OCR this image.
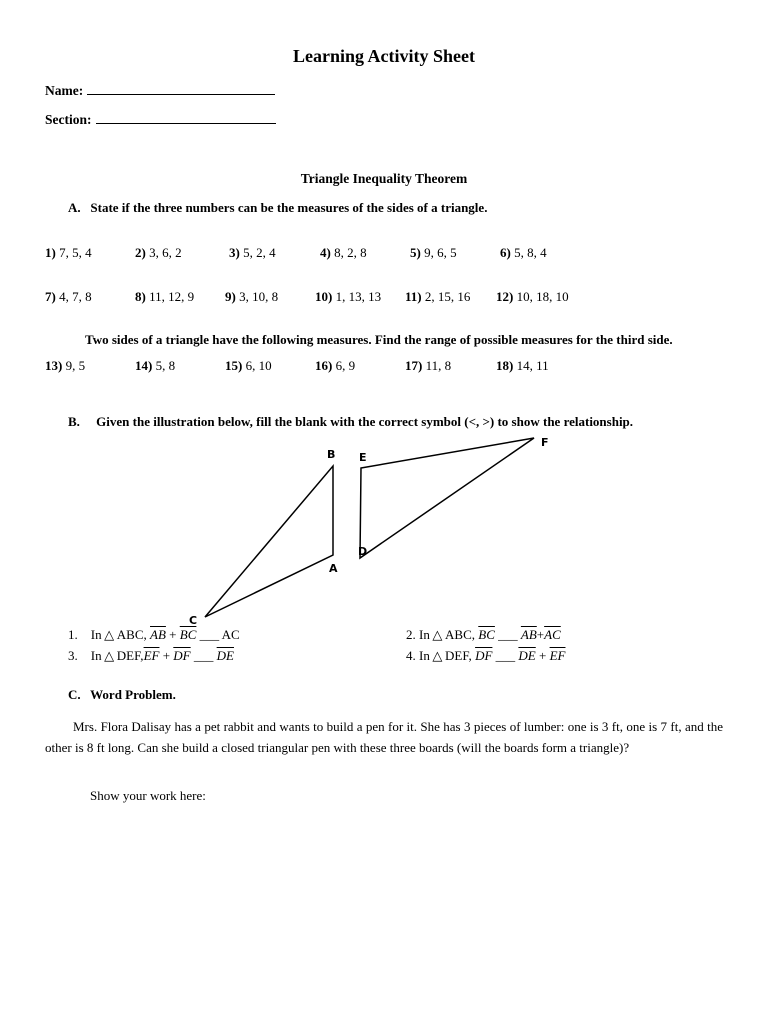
Learning Activity Sheet
Name:
Section:
Triangle Inequality Theorem
A.  State if the three numbers can be the measures of the sides of a triangle.
1) 7, 5, 4	2) 3, 6, 2	3) 5, 2, 4	4) 8, 2, 8	5) 9, 6, 5	6) 5, 8, 4
7) 4, 7, 8	8) 11, 12, 9 9) 3, 10, 8	10) 1, 13, 13 11) 2, 15, 16 12) 10, 18, 10
Two sides of a triangle have the following measures. Find the range of possible measures for the third side.
13) 9, 5	14) 5, 8	15) 6, 10	16) 6, 9	17) 11, 8	18) 14, 11
B.  Given the illustration below, fill the blank with the correct symbol (<, >) to show the relationship.
B E
F
D
A
C
1. In △ ABC, $\overline{AB} + \overline{BC}$ ___ AC	2. In △ ABC, $\overline{BC}$ ___ $\overline{AB}+\overline{AC}$
3. In △ $DEF,\overline{EF} + \overline{DF}$ ___ $\overline{DE}$	4. In △ DEF, $\overline{DF}$ ___ $\overline{DE} + \overline{EF}$
C.  Word Problem.
Mrs. Flora Dalisay has a pet rabbit and wants to build a pen for it. She has 3 pieces of lumber: one is 3 ft, one is 7 ft, and the other is 8 ft long. Can she build a closed triangular pen with these three boards (will the boards form a triangle)?
Show your work here:
